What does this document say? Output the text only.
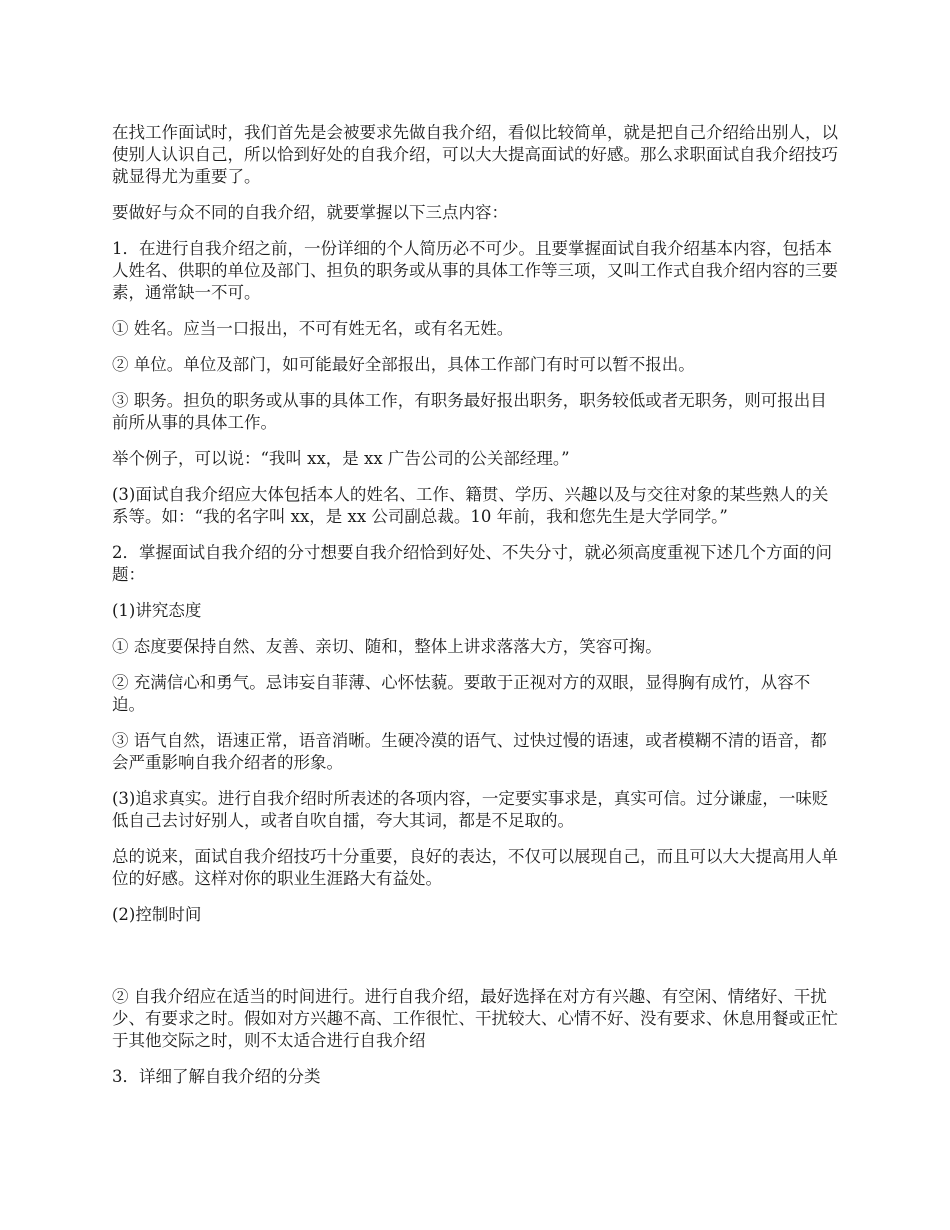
在找工作面试时，我们首先是会被要求先做自我介绍，看似比较简单，就是把自己介绍给出别人，以使别人认识自己，所以恰到好处的自我介绍，可以大大提高面试的好感。那么求职面试自我介绍技巧就显得尤为重要了。

要做好与众不同的自我介绍，就要掌握以下三点内容：

1．在进行自我介绍之前，一份详细的个人简历必不可少。且要掌握面试自我介绍基本内容，包括本人姓名、供职的单位及部门、担负的职务或从事的具体工作等三项，又叫工作式自我介绍内容的三要素，通常缺一不可。

① 姓名。应当一口报出，不可有姓无名，或有名无姓。

② 单位。单位及部门，如可能最好全部报出，具体工作部门有时可以暂不报出。

③ 职务。担负的职务或从事的具体工作，有职务最好报出职务，职务较低或者无职务，则可报出目前所从事的具体工作。

举个例子，可以说：“我叫 xx，是 xx 广告公司的公关部经理。”

(3)面试自我介绍应大体包括本人的姓名、工作、籍贯、学历、兴趣以及与交往对象的某些熟人的关系等。如：“我的名字叫 xx，是 xx 公司副总裁。10 年前，我和您先生是大学同学。”

2．掌握面试自我介绍的分寸想要自我介绍恰到好处、不失分寸，就必须高度重视下述几个方面的问题：

(1)讲究态度

① 态度要保持自然、友善、亲切、随和，整体上讲求落落大方，笑容可掬。

② 充满信心和勇气。忌讳妄自菲薄、心怀怯藐。要敢于正视对方的双眼，显得胸有成竹，从容不迫。

③ 语气自然，语速正常，语音消晰。生硬冷漠的语气、过快过慢的语速，或者模糊不清的语音，都会严重影响自我介绍者的形象。

(3)追求真实。进行自我介绍时所表述的各项内容，一定要实事求是，真实可信。过分谦虚，一味贬低自己去讨好别人，或者自吹自擂，夸大其词，都是不足取的。

总的说来，面试自我介绍技巧十分重要，良好的表达，不仅可以展现自己，而且可以大大提高用人单位的好感。这样对你的职业生涯路大有益处。

(2)控制时间

② 自我介绍应在适当的时间进行。进行自我介绍，最好选择在对方有兴趣、有空闲、情绪好、干扰少、有要求之时。假如对方兴趣不高、工作很忙、干扰较大、心情不好、没有要求、休息用餐或正忙于其他交际之时，则不太适合进行自我介绍

3．详细了解自我介绍的分类
